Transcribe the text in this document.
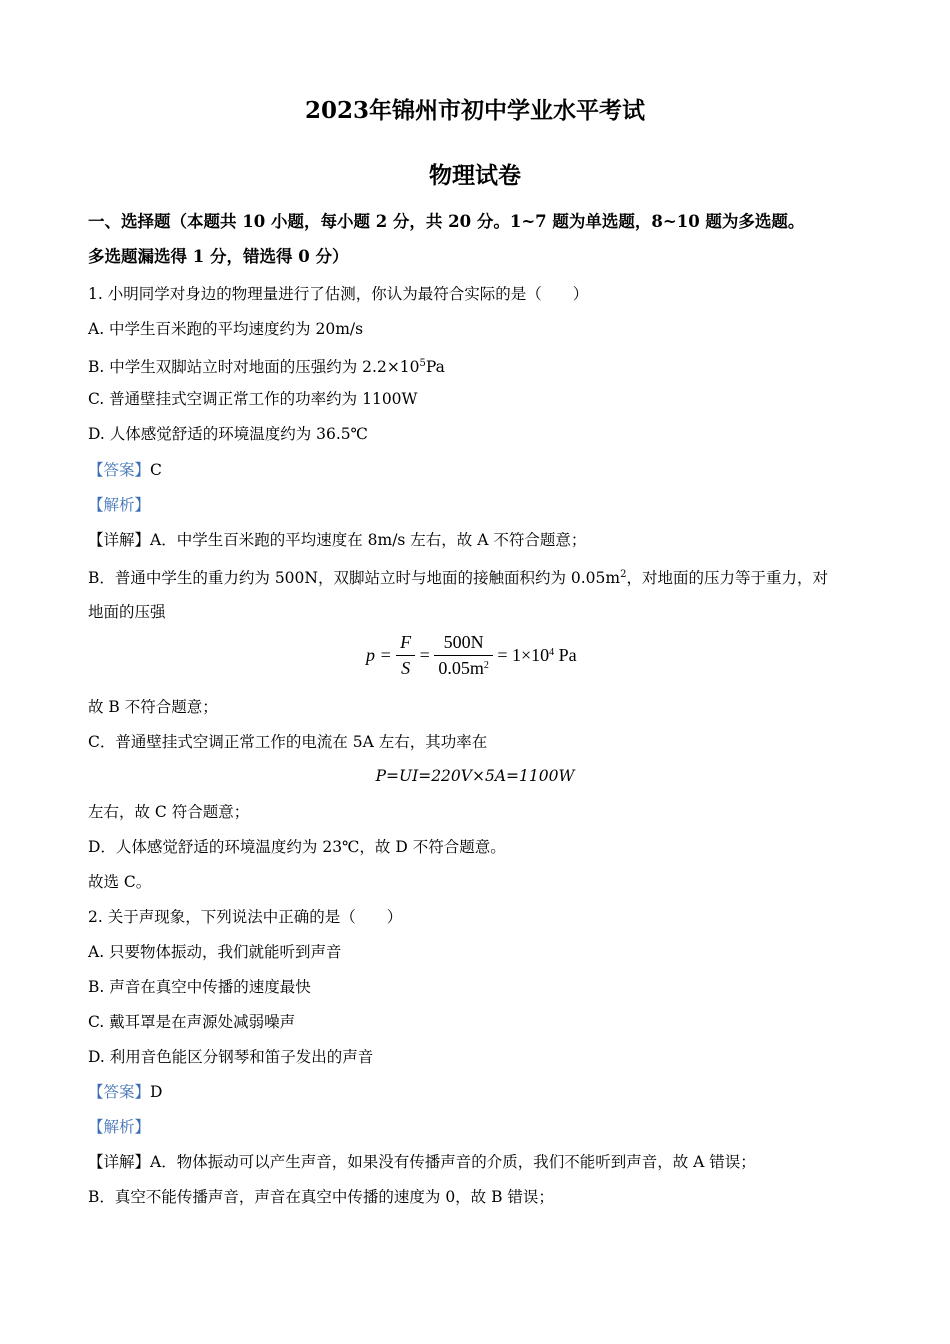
2023年锦州市初中学业水平考试
物理试卷
一、选择题（本题共 10 小题，每小题 2 分，共 20 分。1~7 题为单选题，8~10 题为多选题。
多选题漏选得 1 分，错选得 0 分）
1. 小明同学对身边的物理量进行了估测，你认为最符合实际的是（　　）
A. 中学生百米跑的平均速度约为 20m/s
B. 中学生双脚站立时对地面的压强约为 $2.2\times 10^5Pa$
C. 普通壁挂式空调正常工作的功率约为 1100W
D. 人体感觉舒适的环境温度约为 36.5℃
【答案】C
【解析】
【详解】A．中学生百米跑的平均速度在 8m/s 左右，故 A 不符合题意；
B．普通中学生的重力约为 500N，双脚站立时与地面的接触面积约为 $0.05m^2$，对地面的压力等于重力，对
地面的压强
$p = \frac{F}{S} = \frac{500N}{0.05m^2} = 1\times 10^4$ Pa
故 B 不符合题意；
C．普通壁挂式空调正常工作的电流在 5A 左右，其功率在
P=UI=220V×5A=1100W
左右，故 C 符合题意；
D．人体感觉舒适的环境温度约为 23℃，故 D 不符合题意。
故选 C。
2. 关于声现象，下列说法中正确的是（　　）
A. 只要物体振动，我们就能听到声音
B. 声音在真空中传播的速度最快
C. 戴耳罩是在声源处减弱噪声
D. 利用音色能区分钢琴和笛子发出的声音
【答案】D
【解析】
【详解】A．物体振动可以产生声音，如果没有传播声音的介质，我们不能听到声音，故 A 错误；
B．真空不能传播声音，声音在真空中传播的速度为 0，故 B 错误；
